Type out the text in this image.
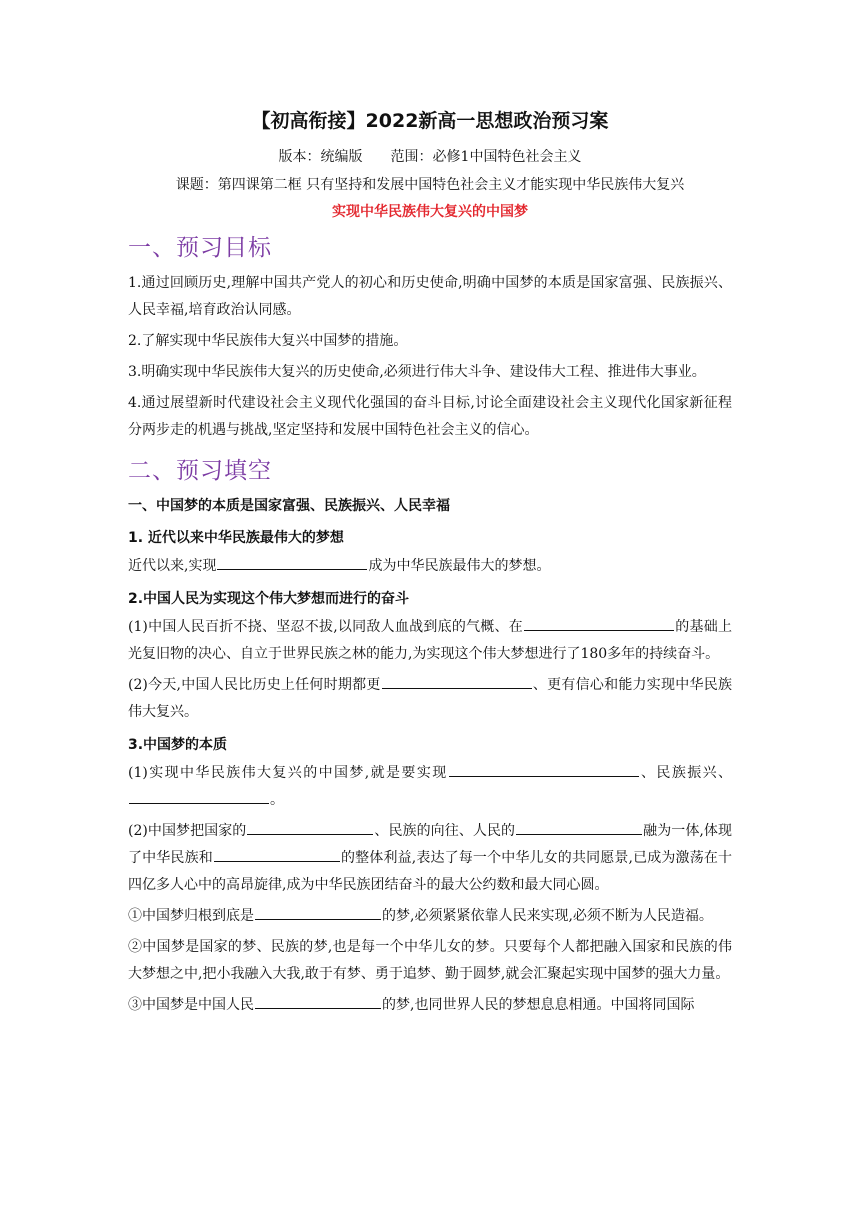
【初高衔接】2022新高一思想政治预习案
版本：统编版 范围：必修1中国特色社会主义
课题：第四课第二框 只有坚持和发展中国特色社会主义才能实现中华民族伟大复兴
实现中华民族伟大复兴的中国梦
一、预习目标

1.通过回顾历史,理解中国共产党人的初心和历史使命,明确中国梦的本质是国家富强、民族振兴、人民幸福,培育政治认同感。

2.了解实现中华民族伟大复兴中国梦的措施。

3.明确实现中华民族伟大复兴的历史使命,必须进行伟大斗争、建设伟大工程、推进伟大事业。

4.通过展望新时代建设社会主义现代化强国的奋斗目标,讨论全面建设社会主义现代化国家新征程分两步走的机遇与挑战,坚定坚持和发展中国特色社会主义的信心。

二、预习填空
一、中国梦的本质是国家富强、民族振兴、人民幸福
1. 近代以来中华民族最伟大的梦想

近代以来,实现	成为中华民族最伟大的梦想。

2.中国人民为实现这个伟大梦想而进行的奋斗

(1)中国人民百折不挠、坚忍不拔,以同敌人血战到底的气概、在	的基础上光复旧物的决心、自立于世界民族之林的能力,为实现这个伟大梦想进行了180多年的持续奋斗。

(2)今天,中国人民比历史上任何时期都更	、更有信心和能力实现中华民族伟大复兴。

3.中国梦的本质

(1)实现中华民族伟大复兴的中国梦,就是要实现	、民族振兴、。

(2)中国梦把国家的	、民族的向往、人民的	融为一体,体现了中华民族和	的整体利益,表达了每一个中华儿女的共同愿景,已成为激荡在十四亿多人心中的高昂旋律,成为中华民族团结奋斗的最大公约数和最大同心圆。

①中国梦归根到底是	的梦,必须紧紧依靠人民来实现,必须不断为人民造福。

②中国梦是国家的梦、民族的梦,也是每一个中华儿女的梦。只要每个人都把融入国家和民族的伟大梦想之中,把小我融入大我,敢于有梦、勇于追梦、勤于圆梦,就会汇聚起实现中国梦的强大力量。

③中国梦是中国人民	的梦,也同世界人民的梦想息息相通。中国将同国际
